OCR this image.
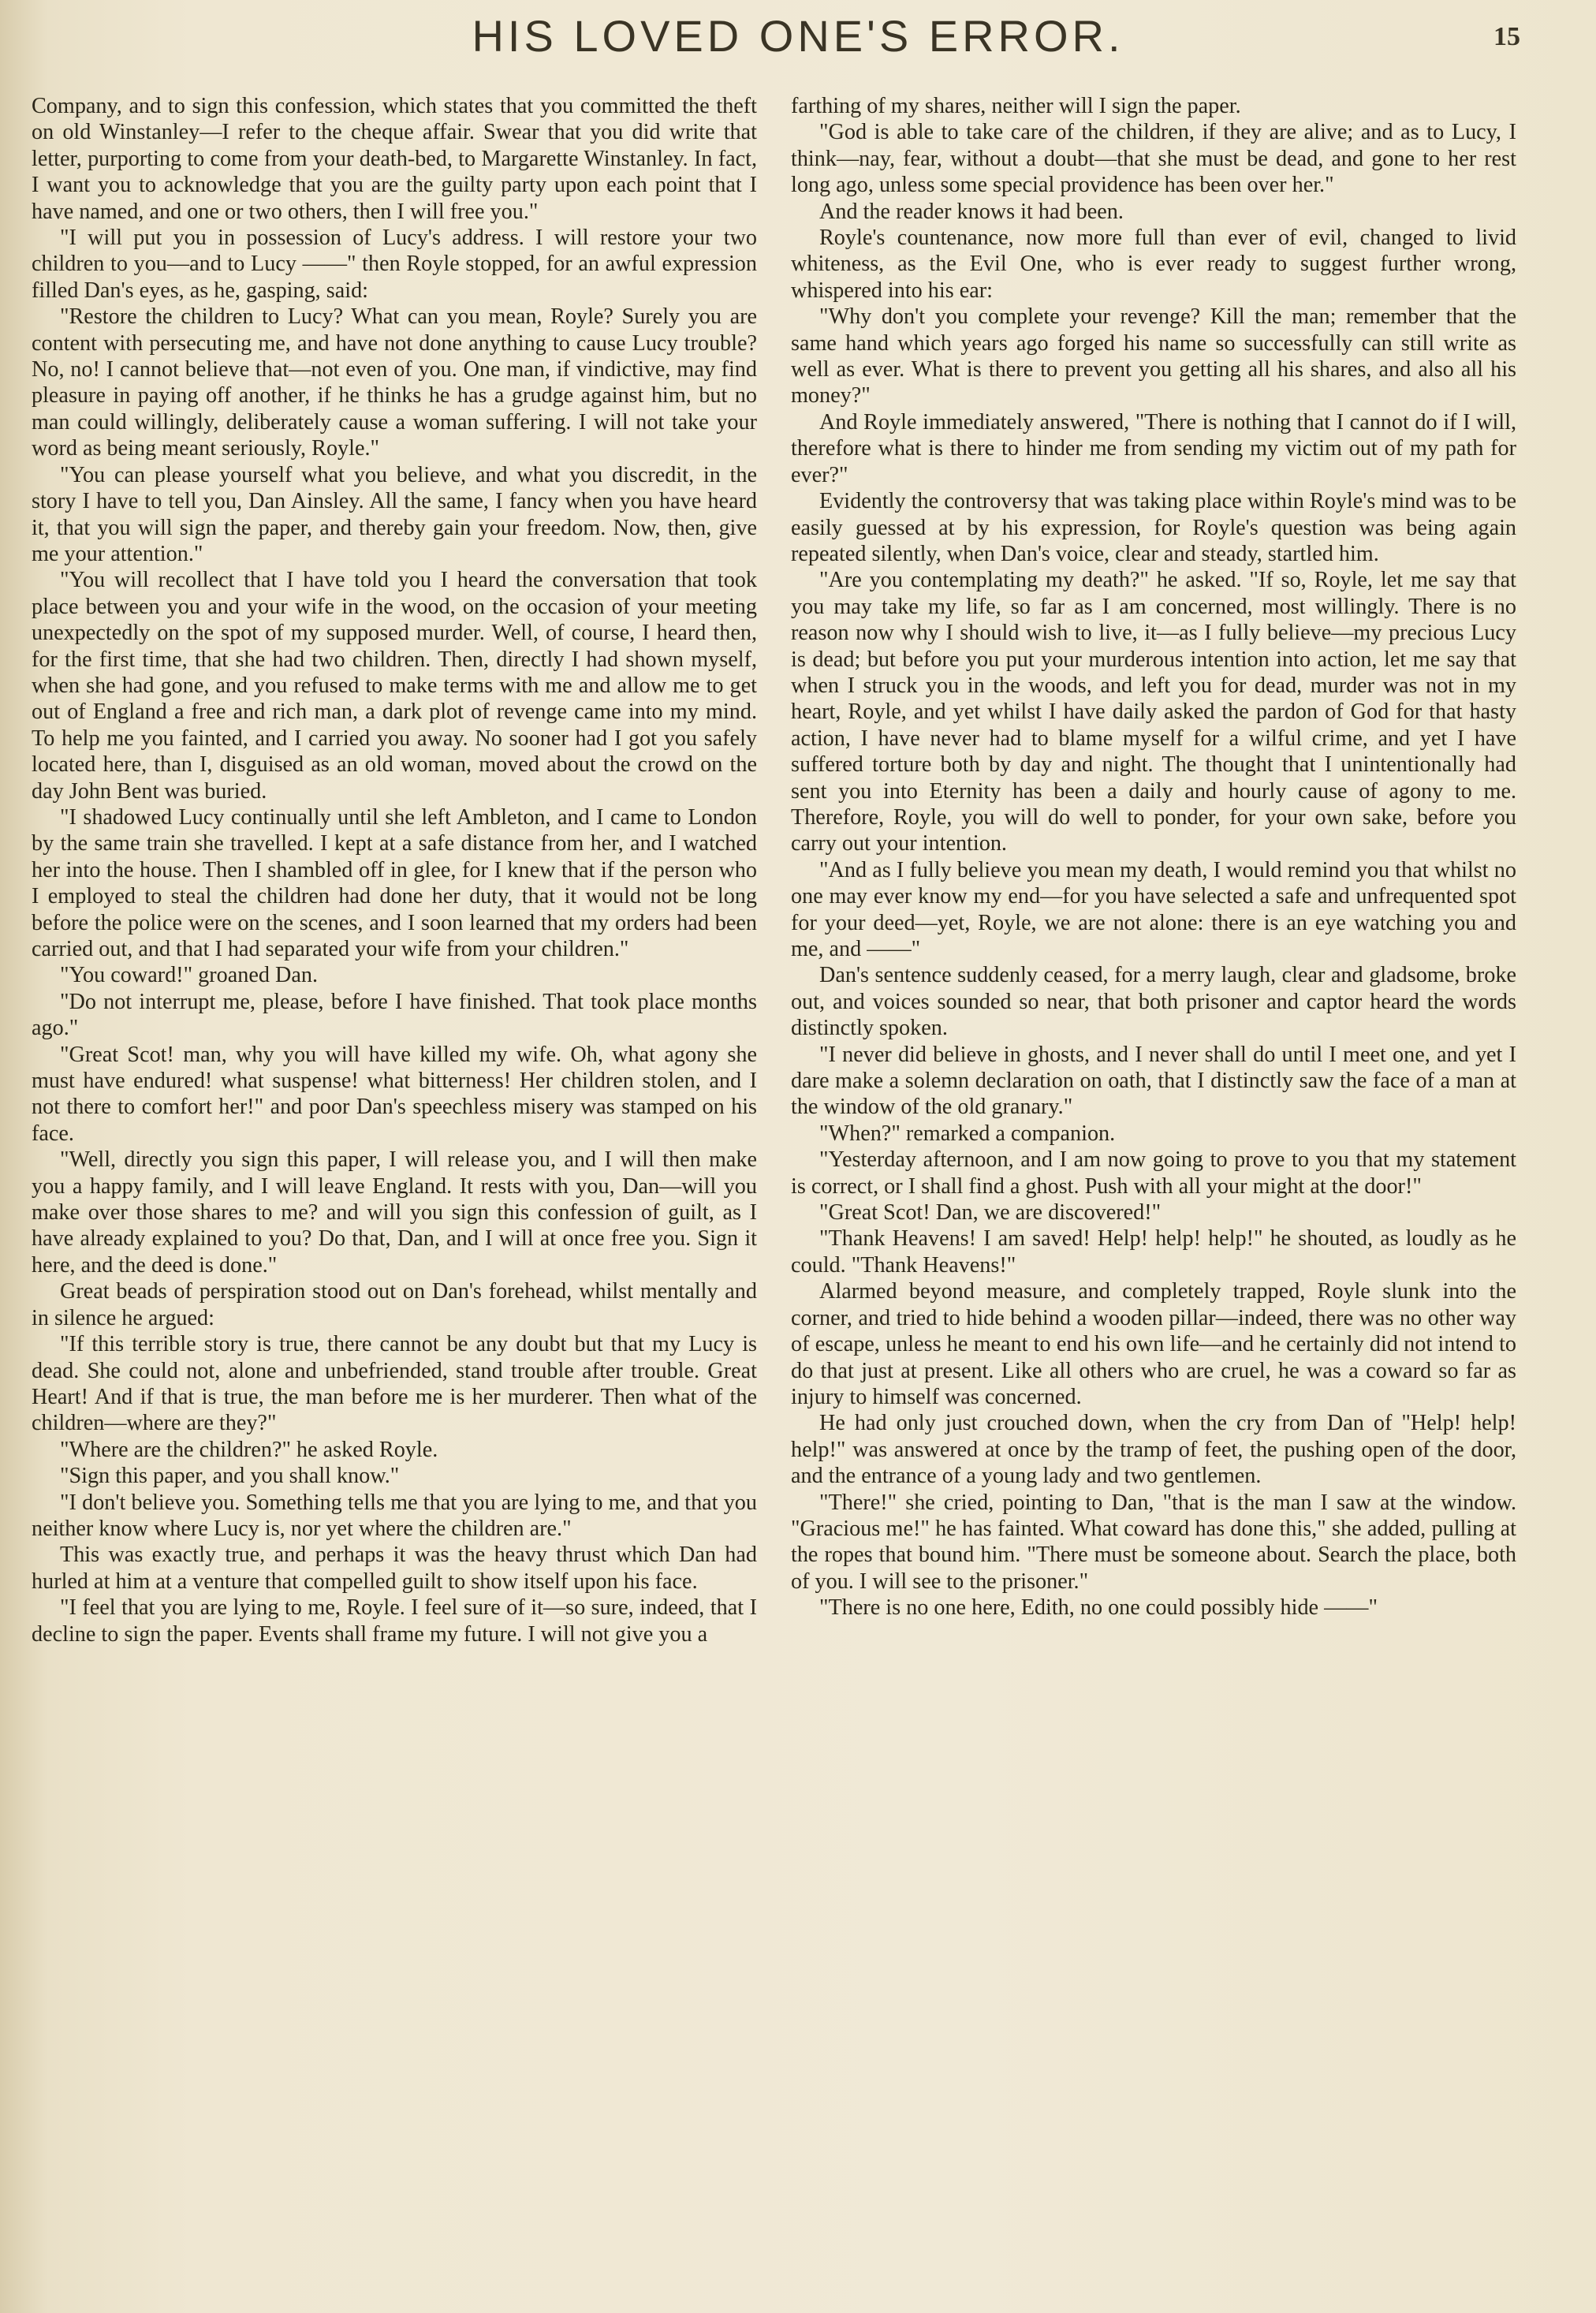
HIS LOVED ONE'S ERROR.	15

Company, and to sign this confession, which states that you committed the theft on old Winstanley—I refer to the cheque affair. Swear that you did write that letter, purporting to come from your death-bed, to Margarette Winstanley. In fact, I want you to acknowledge that you are the guilty party upon each point that I have named, and one or two others, then I will free you."

"I will put you in possession of Lucy's address. I will restore your two children to you—and to Lucy ——" then Royle stopped, for an awful expression filled Dan's eyes, as he, gasping, said:

"Restore the children to Lucy? What can you mean, Royle? Surely you are content with persecuting me, and have not done anything to cause Lucy trouble? No, no! I cannot believe that—not even of you. One man, if vindictive, may find pleasure in paying off another, if he thinks he has a grudge against him, but no man could willingly, deliberately cause a woman suffering. I will not take your word as being meant seriously, Royle."

"You can please yourself what you believe, and what you discredit, in the story I have to tell you, Dan Ainsley. All the same, I fancy when you have heard it, that you will sign the paper, and thereby gain your freedom. Now, then, give me your attention."

"You will recollect that I have told you I heard the conversation that took place between you and your wife in the wood, on the occasion of your meeting unexpectedly on the spot of my supposed murder. Well, of course, I heard then, for the first time, that she had two children. Then, directly I had shown myself, when she had gone, and you refused to make terms with me and allow me to get out of England a free and rich man, a dark plot of revenge came into my mind. To help me you fainted, and I carried you away. No sooner had I got you safely located here, than I, disguised as an old woman, moved about the crowd on the day John Bent was buried.

"I shadowed Lucy continually until she left Ambleton, and I came to London by the same train she travelled. I kept at a safe distance from her, and I watched her into the house. Then I shambled off in glee, for I knew that if the person who I employed to steal the children had done her duty, that it would not be long before the police were on the scenes, and I soon learned that my orders had been carried out, and that I had separated your wife from your children."

"You coward!" groaned Dan.

"Do not interrupt me, please, before I have finished. That took place months ago."

"Great Scot! man, why you will have killed my wife. Oh, what agony she must have endured! what suspense! what bitterness! Her children stolen, and I not there to comfort her!" and poor Dan's speechless misery was stamped on his face.

"Well, directly you sign this paper, I will release you, and I will then make you a happy family, and I will leave England. It rests with you, Dan—will you make over those shares to me? and will you sign this confession of guilt, as I have already explained to you? Do that, Dan, and I will at once free you. Sign it here, and the deed is done."

Great beads of perspiration stood out on Dan's forehead, whilst mentally and in silence he argued:

"If this terrible story is true, there cannot be any doubt but that my Lucy is dead. She could not, alone and unbefriended, stand trouble after trouble. Great Heart! And if that is true, the man before me is her murderer. Then what of the children—where are they?"

"Where are the children?" he asked Royle.

"Sign this paper, and you shall know."

"I don't believe you. Something tells me that you are lying to me, and that you neither know where Lucy is, nor yet where the children are."

This was exactly true, and perhaps it was the heavy thrust which Dan had hurled at him at a venture that compelled guilt to show itself upon his face.

"I feel that you are lying to me, Royle. I feel sure of it—so sure, indeed, that I decline to sign the paper. Events shall frame my future. I will not give you a

farthing of my shares, neither will I sign the paper.

"God is able to take care of the children, if they are alive; and as to Lucy, I think—nay, fear, without a doubt—that she must be dead, and gone to her rest long ago, unless some special providence has been over her."

And the reader knows it had been.

Royle's countenance, now more full than ever of evil, changed to livid whiteness, as the Evil One, who is ever ready to suggest further wrong, whispered into his ear:

"Why don't you complete your revenge? Kill the man; remember that the same hand which years ago forged his name so successfully can still write as well as ever. What is there to prevent you getting all his shares, and also all his money?"

And Royle immediately answered, "There is nothing that I cannot do if I will, therefore what is there to hinder me from sending my victim out of my path for ever?"

Evidently the controversy that was taking place within Royle's mind was to be easily guessed at by his expression, for Royle's question was being again repeated silently, when Dan's voice, clear and steady, startled him.

"Are you contemplating my death?" he asked. "If so, Royle, let me say that you may take my life, so far as I am concerned, most willingly. There is no reason now why I should wish to live, it—as I fully believe—my precious Lucy is dead; but before you put your murderous intention into action, let me say that when I struck you in the woods, and left you for dead, murder was not in my heart, Royle, and yet whilst I have daily asked the pardon of God for that hasty action, I have never had to blame myself for a wilful crime, and yet I have suffered torture both by day and night. The thought that I unintentionally had sent you into Eternity has been a daily and hourly cause of agony to me. Therefore, Royle, you will do well to ponder, for your own sake, before you carry out your intention.

"And as I fully believe you mean my death, I would remind you that whilst no one may ever know my end—for you have selected a safe and unfrequented spot for your deed—yet, Royle, we are not alone: there is an eye watching you and me, and ——"

Dan's sentence suddenly ceased, for a merry laugh, clear and gladsome, broke out, and voices sounded so near, that both prisoner and captor heard the words distinctly spoken.

"I never did believe in ghosts, and I never shall do until I meet one, and yet I dare make a solemn declaration on oath, that I distinctly saw the face of a man at the window of the old granary."

"When?" remarked a companion.

"Yesterday afternoon, and I am now going to prove to you that my statement is correct, or I shall find a ghost. Push with all your might at the door!"

"Great Scot! Dan, we are discovered!"

"Thank Heavens! I am saved! Help! help! help!" he shouted, as loudly as he could. "Thank Heavens!"

Alarmed beyond measure, and completely trapped, Royle slunk into the corner, and tried to hide behind a wooden pillar—indeed, there was no other way of escape, unless he meant to end his own life—and he certainly did not intend to do that just at present. Like all others who are cruel, he was a coward so far as injury to himself was concerned.

He had only just crouched down, when the cry from Dan of "Help! help! help!" was answered at once by the tramp of feet, the pushing open of the door, and the entrance of a young lady and two gentlemen.

"There!" she cried, pointing to Dan, "that is the man I saw at the window. "Gracious me!" he has fainted. What coward has done this," she added, pulling at the ropes that bound him. "There must be someone about. Search the place, both of you. I will see to the prisoner."

"There is no one here, Edith, no one could possibly hide ——"
